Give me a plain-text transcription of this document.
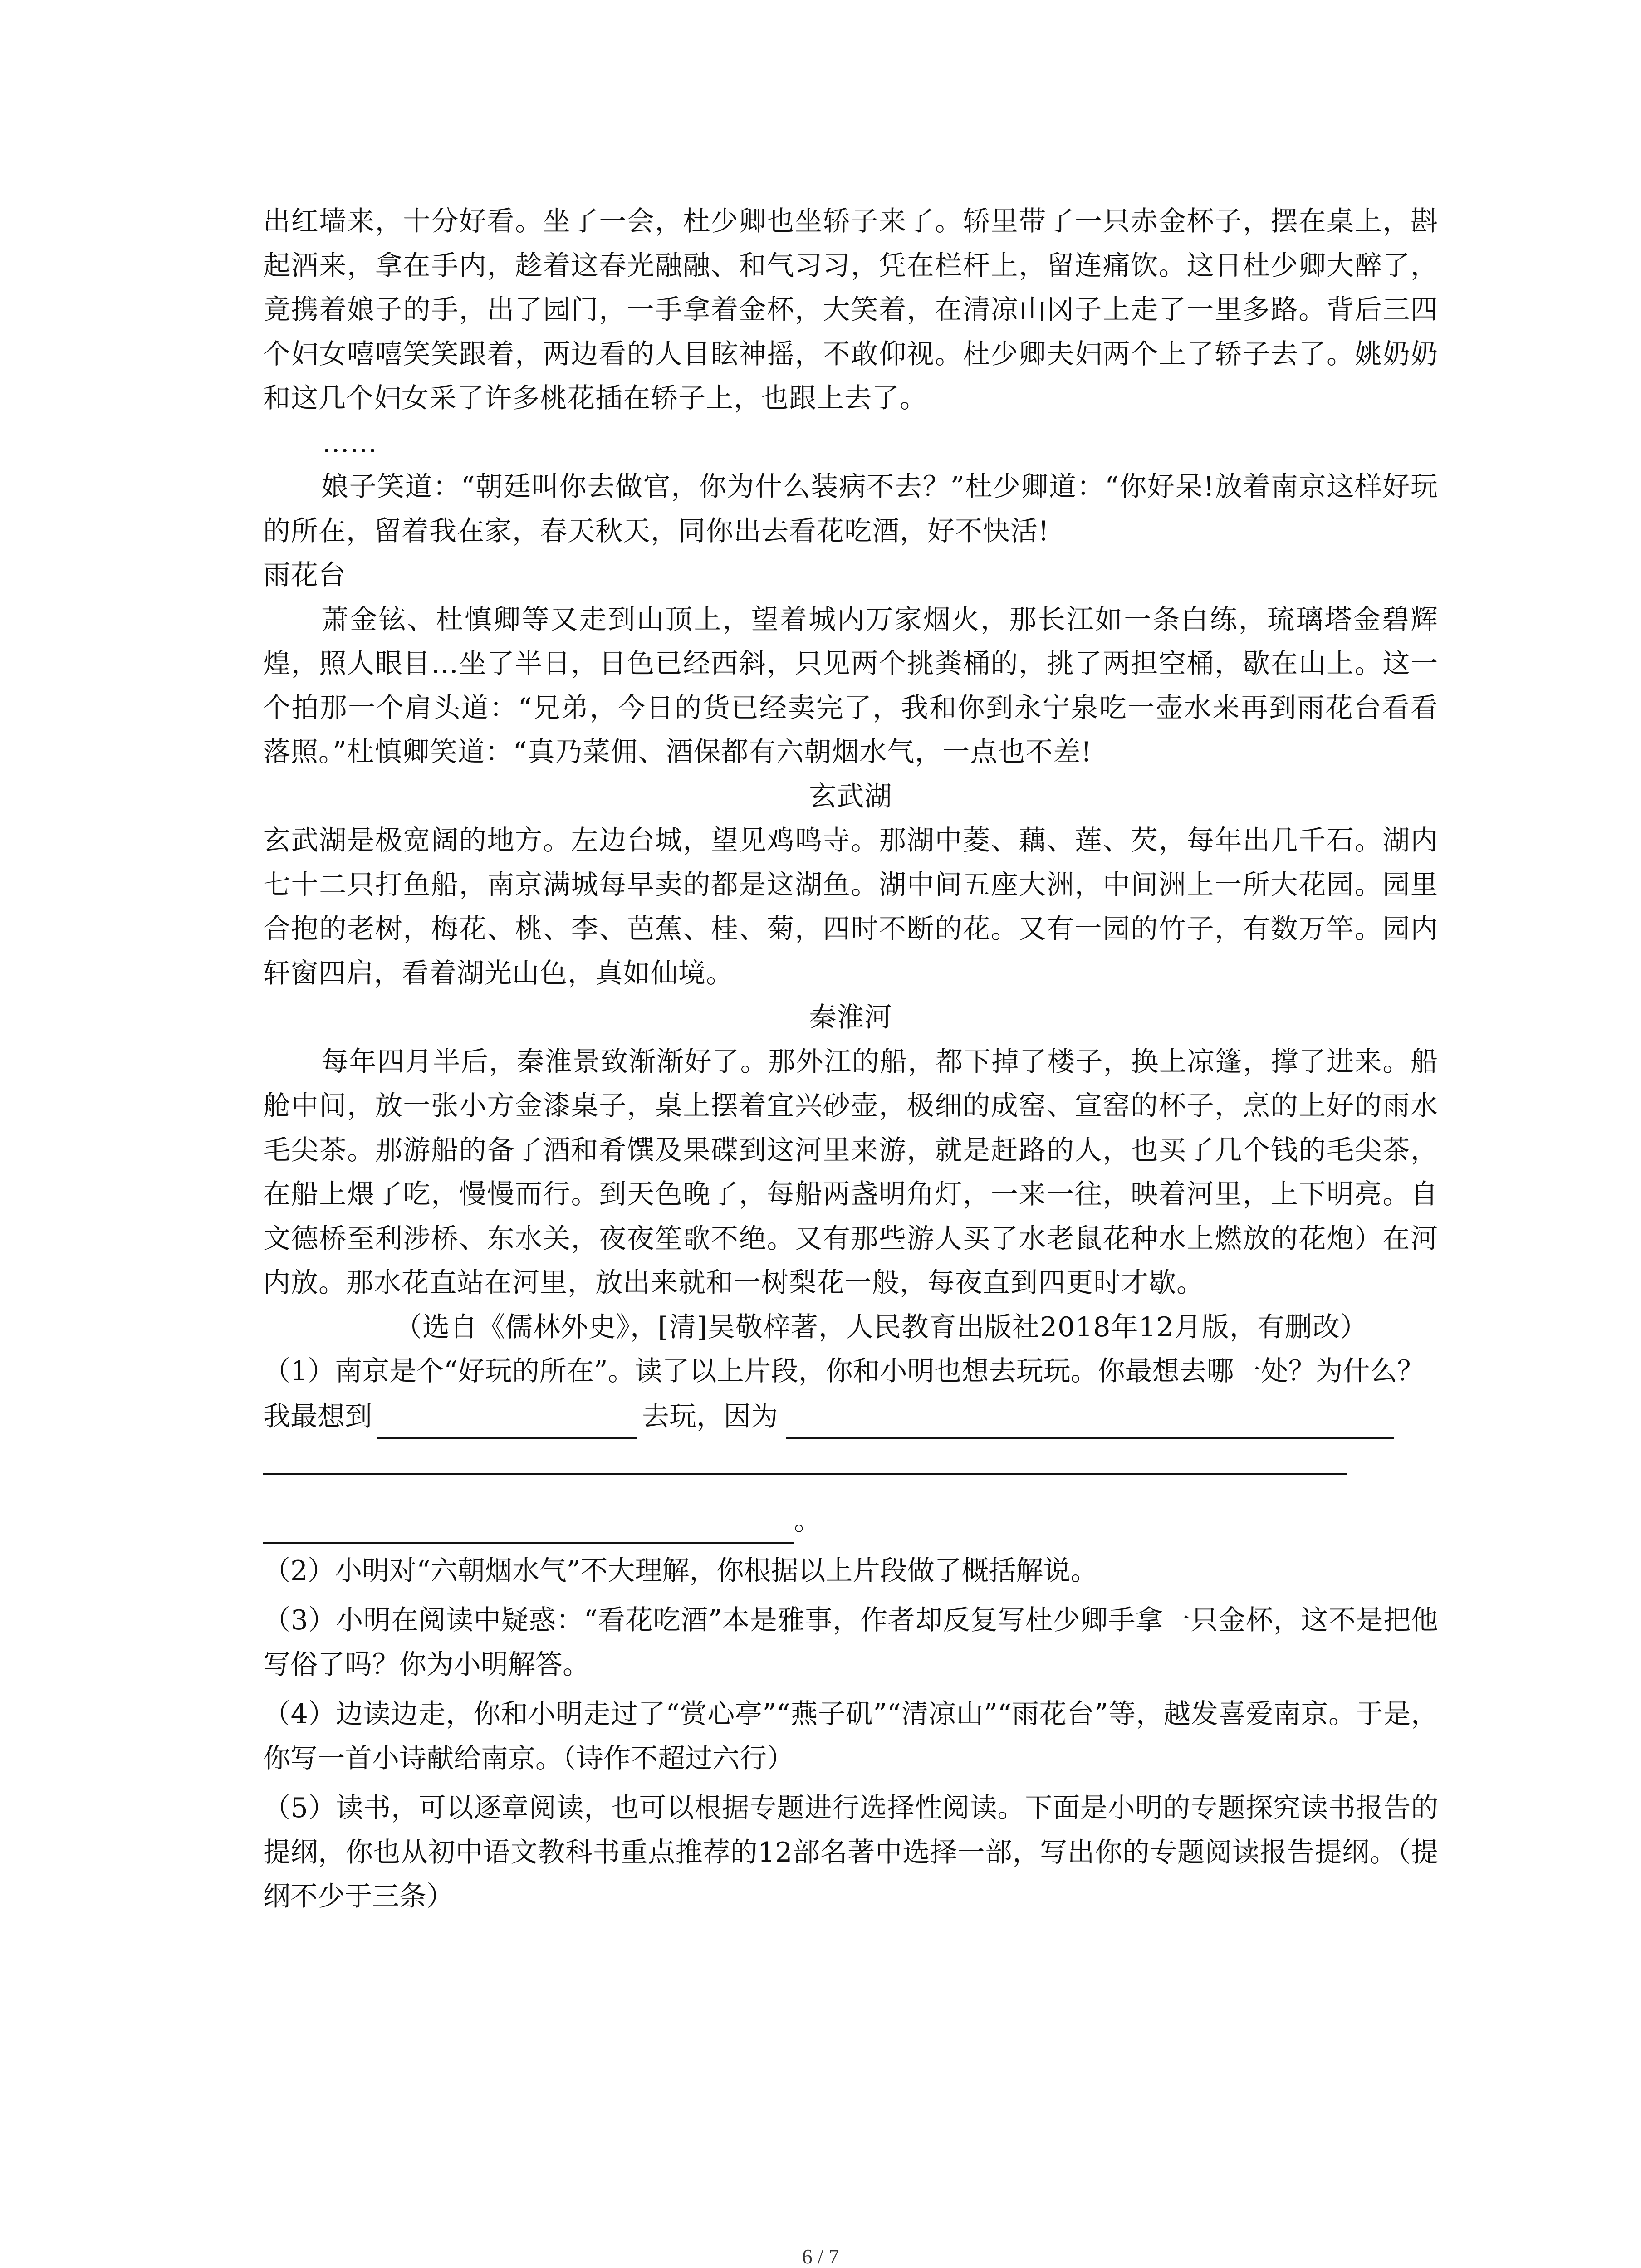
出红墙来，十分好看。坐了一会，杜少卿也坐轿子来了。轿里带了一只赤金杯子，摆在桌上，斟起酒来，拿在手内，趁着这春光融融、和气习习，凭在栏杆上，留连痛饮。这日杜少卿大醉了，竟携着娘子的手，出了园门，一手拿着金杯，大笑着，在清凉山冈子上走了一里多路。背后三四个妇女嘻嘻笑笑跟着，两边看的人目眩神摇，不敢仰视。杜少卿夫妇两个上了轿子去了。姚奶奶和这几个妇女采了许多桃花插在轿子上，也跟上去了。

……

娘子笑道：“朝廷叫你去做官，你为什么装病不去？”杜少卿道：“你好呆!放着南京这样好玩的所在，留着我在家，春天秋天，同你出去看花吃酒，好不快活!

雨花台

萧金铉、杜慎卿等又走到山顶上，望着城内万家烟火，那长江如一条白练，琉璃塔金碧辉煌，照人眼目…坐了半日，日色已经西斜，只见两个挑粪桶的，挑了两担空桶，歇在山上。这一个拍那一个肩头道：“兄弟，今日的货已经卖完了，我和你到永宁泉吃一壶水来再到雨花台看看落照。”杜慎卿笑道：“真乃菜佣、酒保都有六朝烟水气，一点也不差!

玄武湖

玄武湖是极宽阔的地方。左边台城，望见鸡鸣寺。那湖中菱、藕、莲、芡，每年出几千石。湖内七十二只打鱼船，南京满城每早卖的都是这湖鱼。湖中间五座大洲，中间洲上一所大花园。园里合抱的老树，梅花、桃、李、芭蕉、桂、菊，四时不断的花。又有一园的竹子，有数万竿。园内轩窗四启，看着湖光山色，真如仙境。

秦淮河

每年四月半后，秦淮景致渐渐好了。那外江的船，都下掉了楼子，换上凉篷，撑了进来。船舱中间，放一张小方金漆桌子，桌上摆着宜兴砂壶，极细的成窑、宣窑的杯子，烹的上好的雨水毛尖茶。那游船的备了酒和肴馔及果碟到这河里来游，就是赶路的人，也买了几个钱的毛尖茶，在船上煨了吃，慢慢而行。到天色晚了，每船两盏明角灯，一来一往，映着河里，上下明亮。自文德桥至利涉桥、东水关，夜夜笙歌不绝。又有那些游人买了水老鼠花种水上燃放的花炮）在河内放。那水花直站在河里，放出来就和一树梨花一般，每夜直到四更时才歇。

（选自《儒林外史》，[清]吴敬梓著，人民教育出版社2018年12月版，有删改）

（1）南京是个“好玩的所在”。读了以上片段，你和小明也想去玩玩。你最想去哪一处？为什么？

我最想到	去玩，因为
。

（2）小明对“六朝烟水气”不大理解，你根据以上片段做了概括解说。

（3）小明在阅读中疑惑：“看花吃酒”本是雅事，作者却反复写杜少卿手拿一只金杯，这不是把他写俗了吗？你为小明解答。

（4）边读边走，你和小明走过了“赏心亭”“燕子矶”“清凉山”“雨花台”等，越发喜爱南京。于是，你写一首小诗献给南京。（诗作不超过六行）

（5）读书，可以逐章阅读，也可以根据专题进行选择性阅读。下面是小明的专题探究读书报告的提纲，你也从初中语文教科书重点推荐的12部名著中选择一部，写出你的专题阅读报告提纲。（提纲不少于三条）

6 / 7
